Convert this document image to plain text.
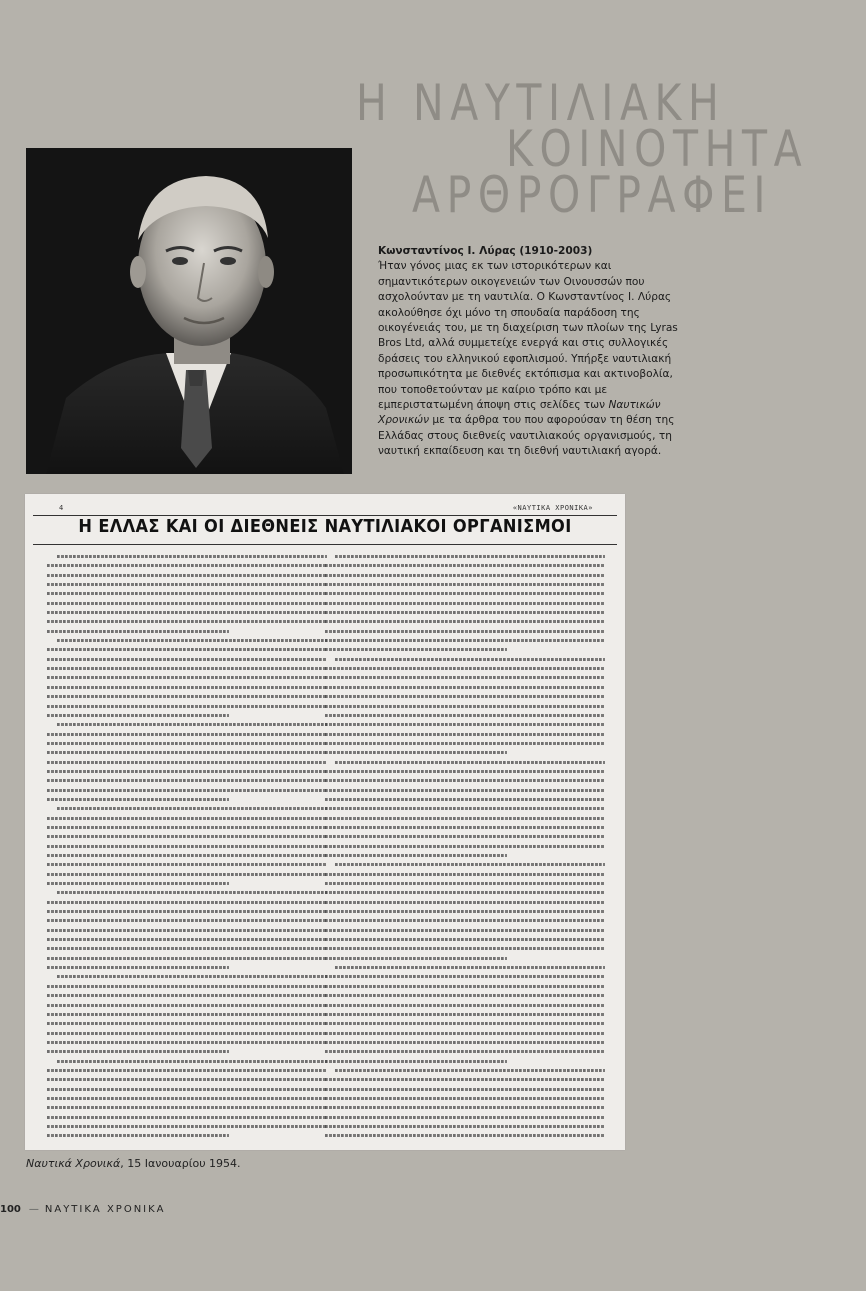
Η ΝΑΥΤΙΛΙΑΚΗ
ΚΟΙΝΟΤΗΤΑ
ΑΡΘΡΟΓΡΑΦΕΙ
Κωνσταντίνος Ι. Λύρας (1910-2003)
Ήταν γόνος μιας εκ των ιστορικότερων και σημαντικότερων οικογενειών των Οινουσσών που ασχολούνταν με τη ναυτιλία. Ο Κωνσταντίνος Ι. Λύρας ακολούθησε όχι μόνο τη σπουδαία παράδοση της οικογένειάς του, με τη διαχείριση των πλοίων της Lyras Bros Ltd, αλλά συμμετείχε ενεργά και στις συλλογικές δράσεις του ελληνικού εφοπλισμού. Υπήρξε ναυτιλιακή προσωπικότητα με διεθνές εκτόπισμα και ακτινοβολία, που τοποθετούνταν με καίριο τρόπο και με εμπεριστατωμένη άποψη στις σελίδες των Ναυτικών Χρονικών με τα άρθρα του που αφορούσαν τη θέση της Ελλάδας στους διεθνείς ναυτιλιακούς οργανισμούς, τη ναυτική εκπαίδευση και τη διεθνή ναυτιλιακή αγορά.
4	«ΝΑΥΤΙΚΑ ΧΡΟΝΙΚΑ»
Η ΕΛΛΑΣ ΚΑΙ ΟΙ ΔΙΕΘΝΕΙΣ ΝΑΥΤΙΛΙΑΚΟΙ ΟΡΓΑΝΙΣΜΟΙ
Ναυτικά Χρονικά, 15 Ιανουαρίου 1954.
100 — ΝΑΥΤΙΚΑ ΧΡΟΝΙΚΑ
